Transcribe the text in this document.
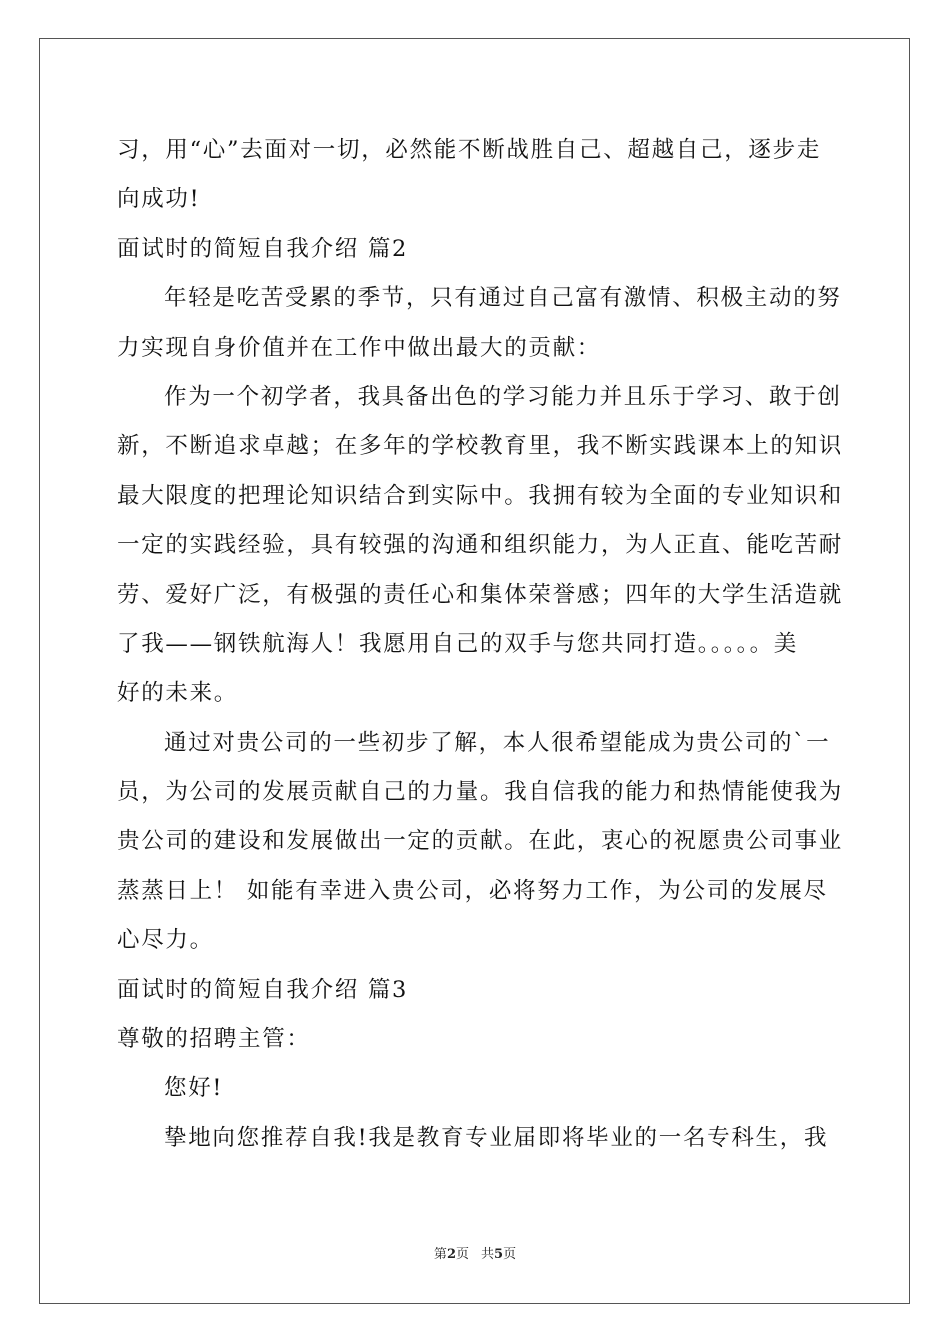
习，用“心”去面对一切，必然能不断战胜自己、超越自己，逐步走
向成功!
面试时的简短自我介绍 篇2
年轻是吃苦受累的季节，只有通过自己富有激情、积极主动的努
力实现自身价值并在工作中做出最大的贡献：
作为一个初学者，我具备出色的学习能力并且乐于学习、敢于创
新，不断追求卓越；在多年的学校教育里，我不断实践课本上的知识
最大限度的把理论知识结合到实际中。我拥有较为全面的专业知识和
一定的实践经验，具有较强的沟通和组织能力，为人正直、能吃苦耐
劳、爱好广泛，有极强的责任心和集体荣誉感；四年的大学生活造就
了我——钢铁航海人！我愿用自己的双手与您共同打造。。。。。美
好的未来。
通过对贵公司的一些初步了解，本人很希望能成为贵公司的`一
员，为公司的发展贡献自己的力量。我自信我的能力和热情能使我为
贵公司的建设和发展做出一定的贡献。在此，衷心的祝愿贵公司事业
蒸蒸日上！ 如能有幸进入贵公司，必将努力工作，为公司的发展尽
心尽力。
面试时的简短自我介绍 篇3
尊敬的招聘主管：
您好!
挚地向您推荐自我!我是教育专业届即将毕业的一名专科生，我
第2页 共5页
